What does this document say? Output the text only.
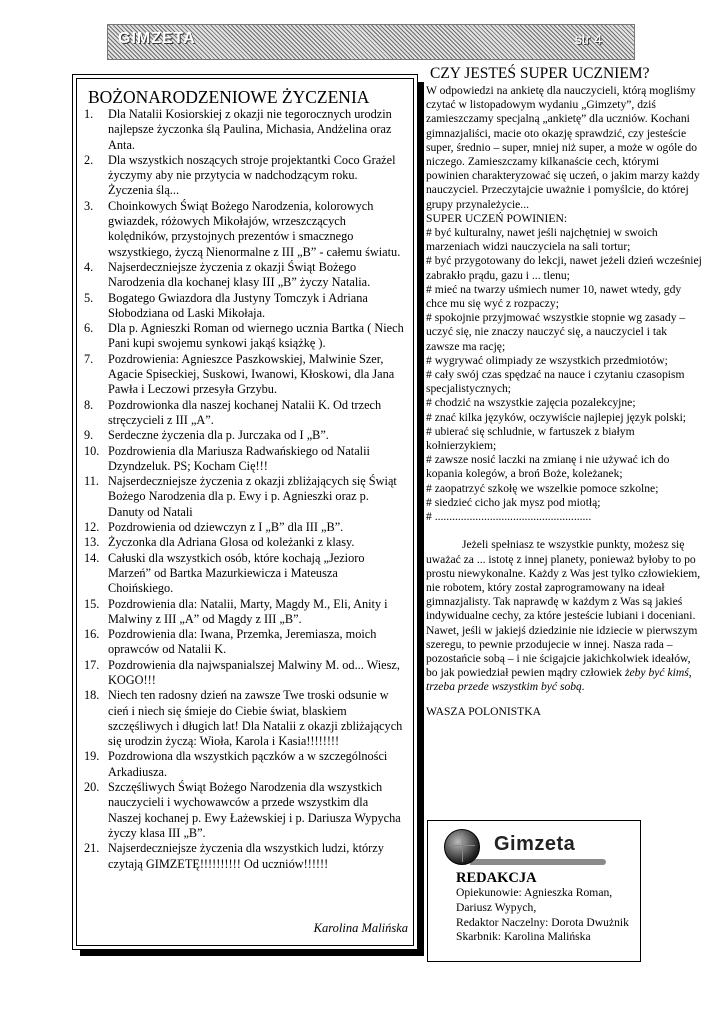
GIMZETA	str 4
BOŻONARODZENIOWE ŻYCZENIA
1. Dla Natalii Kosiorskiej z okazji nie tegorocznych urodzin najlepsze życzonka ślą Paulina, Michasia, Andżelina oraz Anta.
2. Dla wszystkich noszących stroje projektantki Coco Grażel życzymy aby nie przytycia w nadchodzącym roku. Życzenia ślą...
3. Choinkowych Świąt Bożego Narodzenia, kolorowych gwiazdek, różowych Mikołajów, wrzeszczących kolędników, przystojnych prezentów i smacznego wszystkiego, życzą Nienormalne z III „B” - całemu światu.
4. Najserdeczniejsze życzenia z okazji Świąt Bożego Narodzenia dla kochanej klasy III „B” życzy Natalia.
5. Bogatego Gwiazdora dla Justyny Tomczyk i Adriana Słobodziana od Laski Mikołaja.
6. Dla p. Agnieszki Roman od wiernego ucznia Bartka ( Niech Pani kupi swojemu synkowi jakąś książkę ).
7. Pozdrowienia: Agnieszce Paszkowskiej, Malwinie Szer, Agacie Spiseckiej, Suskowi, Iwanowi, Kłoskowi, dla Jana Pawła i Leczowi przesyła Grzybu.
8. Pozdrowionka dla naszej kochanej Natalii K. Od trzech stręczycieli z III „A”.
9. Serdeczne życzenia dla p. Jurczaka od I „B”.
10. Pozdrowienia dla Mariusza Radwańskiego od Natalii Dzyndzeluk. PS; Kocham Cię!!!
11. Najserdeczniejsze życzenia z okazji zbliżających się Świąt Bożego Narodzenia dla p. Ewy i p. Agnieszki oraz p. Danuty od Natali
12. Pozdrowienia od dziewczyn z I „B” dla III „B”.
13. Życzonka dla Adriana Glosa od koleżanki z klasy.
14. Całuski dla wszystkich osób, które kochają „Jezioro Marzeń” od Bartka Mazurkiewicza i Mateusza Choińskiego.
15. Pozdrowienia dla: Natalii, Marty, Magdy M., Eli, Anity i Malwiny z III „A” od Magdy z III „B”.
16. Pozdrowienia dla: Iwana, Przemka, Jeremiasza, moich oprawców od Natalii K.
17. Pozdrowienia dla najwspanialszej Malwiny M. od... Wiesz, KOGO!!!
18. Niech ten radosny dzień na zawsze Twe troski odsunie w cień i niech się śmieje do Ciebie świat, blaskiem szczęśliwych i długich lat! Dla Natalii z okazji zbliżających się urodzin życzą: Wioła, Karola i Kasia!!!!!!!!
19. Pozdrowiona dla wszystkich pączków a w szczególności Arkadiusza.
20. Szczęśliwych Świąt Bożego Narodzenia dla wszystkich nauczycieli i wychowawców a przede wszystkim dla Naszej kochanej p. Ewy Łażewskiej i p. Dariusza Wypycha życzy klasa III „B”.
21. Najserdeczniejsze życzenia dla wszystkich ludzi, którzy czytają GIMZETĘ!!!!!!!!!! Od uczniów!!!!!!
Karolina Malińska
CZY JESTEŚ SUPER UCZNIEM?

W odpowiedzi na ankietę dla nauczycieli, którą mogliśmy czytać w listopadowym wydaniu „Gimzety”, dziś zamieszczamy specjalną „ankietę” dla uczniów. Kochani gimnazjaliści, macie oto okazję sprawdzić, czy jesteście super, średnio – super, mniej niż super, a może w ogóle do niczego. Zamieszczamy kilkanaście cech, którymi powinien charakteryzować się uczeń, o jakim marzy każdy nauczyciel. Przeczytajcie uważnie i pomyślcie, do której grupy przynależycie...

SUPER UCZEŃ POWINIEN:

# być kulturalny, nawet jeśli najchętniej w swoich marzeniach widzi nauczyciela na sali tortur;

# być przygotowany do lekcji, nawet jeżeli dzień wcześniej zabrakło prądu, gazu i ... tlenu;

# mieć na twarzy uśmiech numer 10, nawet wtedy, gdy chce mu się wyć z rozpaczy;

# spokojnie przyjmować wszystkie stopnie wg zasady – uczyć się, nie znaczy nauczyć się, a nauczyciel i tak zawsze ma rację;

# wygrywać olimpiady ze wszystkich przedmiotów;

# cały swój czas spędzać na nauce i czytaniu czasopism specjalistycznych;

# chodzić na wszystkie zajęcia pozalekcyjne;

# znać kilka języków, oczywiście najlepiej język polski;

# ubierać się schludnie, w fartuszek z białym kołnierzykiem;

# zawsze nosić laczki na zmianę i nie używać ich do kopania kolegów, a broń Boże, koleżanek;

# zaopatrzyć szkołę we wszelkie pomoce szkolne;

# siedzieć cicho jak mysz pod miotłą;

# ......................................................

Jeżeli spełniasz te wszystkie punkty, możesz się uważać za ... istotę z innej planety, ponieważ byłoby to po prostu niewykonalne. Każdy z Was jest tylko człowiekiem, nie robotem, który został zaprogramowany na ideał gimnazjalisty. Tak naprawdę w każdym z Was są jakieś indywidualne cechy, za które jesteście lubiani i doceniani. Nawet, jeśli w jakiejś dziedzinie nie idziecie w pierwszym szeregu, to pewnie przodujecie w innej. Nasza rada – pozostańcie sobą – i nie ścigajcie jakichkolwiek ideałów, bo jak powiedział pewien mądry człowiek żeby być kimś, trzeba przede wszystkim być sobą.

WASZA POLONISTKA
Gimzeta
REDAKCJA
Opiekunowie: Agnieszka Roman,
Dariusz Wypych,
Redaktor Naczelny: Dorota Dwużnik
Skarbnik: Karolina Malińska
